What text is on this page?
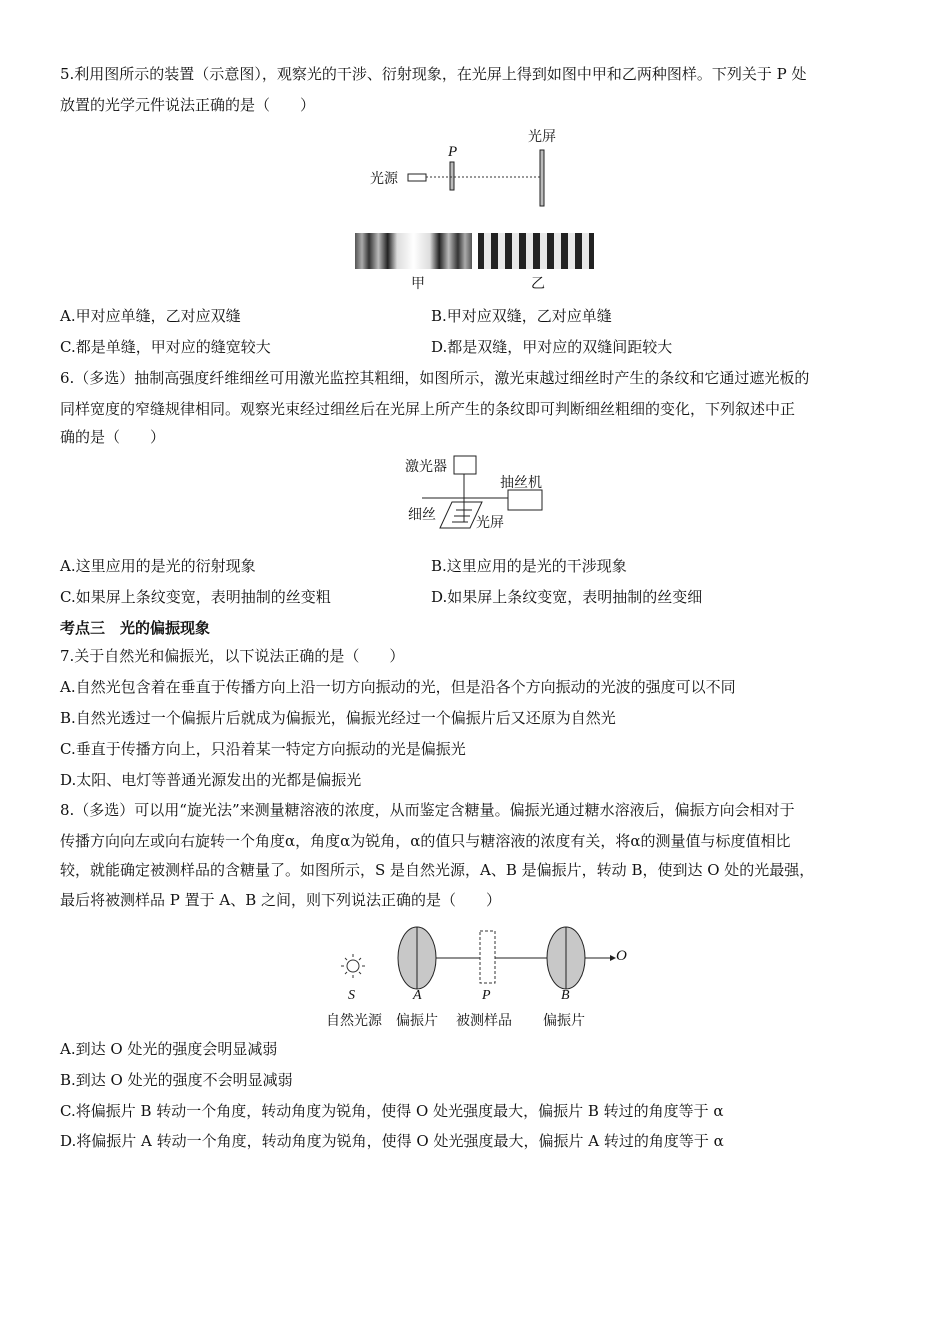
5.利用图所示的装置（示意图），观察光的干涉、衍射现象，在光屏上得到如图中甲和乙两种图样。下列关于 P 处
放置的光学元件说法正确的是（　　）
光源
P
光屏
甲	乙
A.甲对应单缝，乙对应双缝	B.甲对应双缝，乙对应单缝
C.都是单缝，甲对应的缝宽较大	D.都是双缝，甲对应的双缝间距较大
6.（多选）抽制高强度纤维细丝可用激光监控其粗细，如图所示，激光束越过细丝时产生的条纹和它通过遮光板的
同样宽度的窄缝规律相同。观察光束经过细丝后在光屏上所产生的条纹即可判断细丝粗细的变化，下列叙述中正
确的是（　　）
激光器
抽丝机
细丝	光屏
A.这里应用的是光的衍射现象	B.这里应用的是光的干涉现象
C.如果屏上条纹变宽，表明抽制的丝变粗	D.如果屏上条纹变宽，表明抽制的丝变细
考点三　光的偏振现象
7.关于自然光和偏振光，以下说法正确的是（　　）
A.自然光包含着在垂直于传播方向上沿一切方向振动的光，但是沿各个方向振动的光波的强度可以不同
B.自然光透过一个偏振片后就成为偏振光，偏振光经过一个偏振片后又还原为自然光
C.垂直于传播方向上，只沿着某一特定方向振动的光是偏振光
D.太阳、电灯等普通光源发出的光都是偏振光
8.（多选）可以用“旋光法”来测量糖溶液的浓度，从而鉴定含糖量。偏振光通过糖水溶液后，偏振方向会相对于
传播方向向左或向右旋转一个角度α，角度α为锐角，α的值只与糖溶液的浓度有关，将α的测量值与标度值相比
较，就能确定被测样品的含糖量了。如图所示，S 是自然光源，A、B 是偏振片，转动 B，使到达 O 处的光最强，
最后将被测样品 P 置于 A、B 之间，则下列说法正确的是（　　）
O
S	A	P	B
自然光源 偏振片 被测样品 偏振片
A.到达 O 处光的强度会明显减弱
B.到达 O 处光的强度不会明显减弱
C.将偏振片 B 转动一个角度，转动角度为锐角，使得 O 处光强度最大，偏振片 B 转过的角度等于 α
D.将偏振片 A 转动一个角度，转动角度为锐角，使得 O 处光强度最大，偏振片 A 转过的角度等于 α
